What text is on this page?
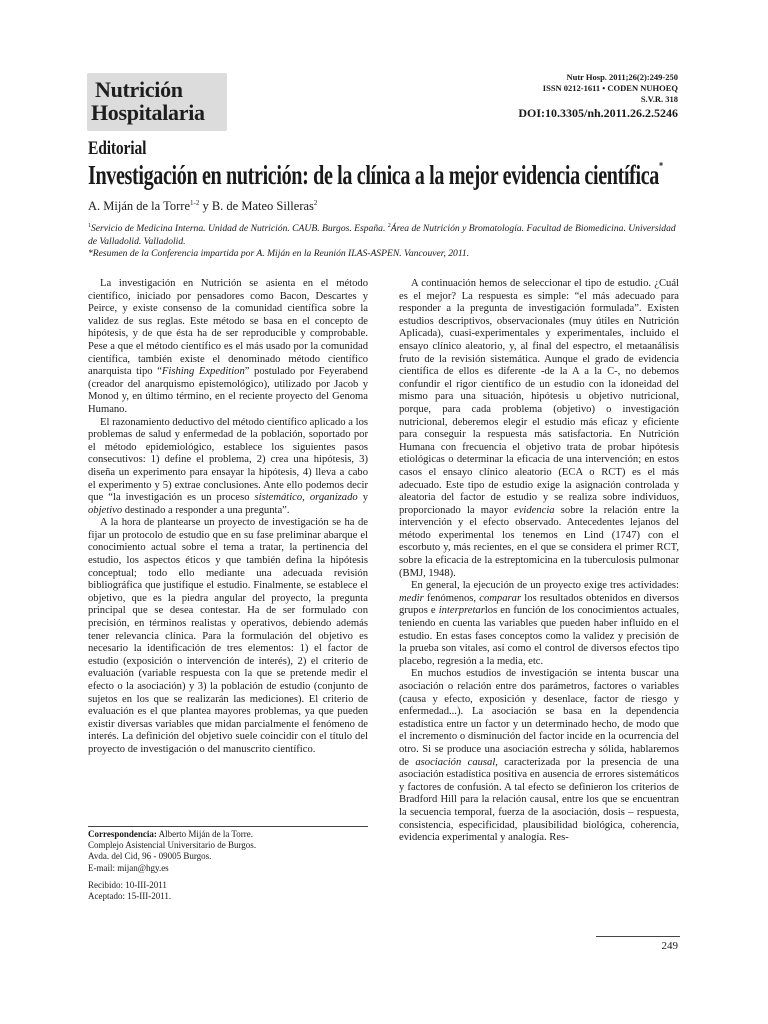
Nutrición
Hospitalaria
Nutr Hosp. 2011;26(2):249-250
ISSN 0212-1611 • CODEN NUHOEQ
S.V.R. 318
DOI:10.3305/nh.2011.26.2.5246
Editorial
Investigación en nutrición: de la clínica a la mejor evidencia científica*
A. Miján de la Torre$^{1-2}$ y B. de Mateo Silleras$^2$
$^1$Servicio de Medicina Interna. Unidad de Nutrición. CAUB. Burgos. España. $^2$Área de Nutrición y Bromatología. Facultad de Biomedicina. Universidad de Valladolid. Valladolid.
*Resumen de la Conferencia impartida por A. Miján en la Reunión ILAS-ASPEN. Vancouver, 2011.

La investigación en Nutrición se asienta en el método científico, iniciado por pensadores como Bacon, Descartes y Peirce, y existe consenso de la comunidad científica sobre la validez de sus reglas. Este método se basa en el concepto de hipótesis, y de que ésta ha de ser reproducible y comprobable. Pese a que el método científico es el más usado por la comunidad científica, también existe el denominado método científico anarquista tipo “Fishing Expedition” postulado por Feyerabend (creador del anarquismo epistemológico), utilizado por Jacob y Monod y, en último término, en el reciente proyecto del Genoma Humano.

El razonamiento deductivo del método científico aplicado a los problemas de salud y enfermedad de la población, soportado por el método epidemiológico, establece los siguientes pasos consecutivos: 1) define el problema, 2) crea una hipótesis, 3) diseña un experimento para ensayar la hipótesis, 4) lleva a cabo el experimento y 5) extrae conclusiones. Ante ello podemos decir que “la investigación es un proceso sistemático, organizado y objetivo destinado a responder a una pregunta”.

A la hora de plantearse un proyecto de investigación se ha de fijar un protocolo de estudio que en su fase preliminar abarque el conocimiento actual sobre el tema a tratar, la pertinencia del estudio, los aspectos éticos y que también defina la hipótesis conceptual; todo ello mediante una adecuada revisión bibliográfica que justifique el estudio. Finalmente, se establece el objetivo, que es la piedra angular del proyecto, la pregunta principal que se desea contestar. Ha de ser formulado con precisión, en términos realistas y operativos, debiendo además tener relevancia clínica. Para la formulación del objetivo es necesario la identificación de tres elementos: 1) el factor de estudio (exposición o intervención de interés), 2) el criterio de evaluación (variable respuesta con la que se pretende medir el efecto o la asociación) y 3) la población de estudio (conjunto de sujetos en los que se realizarán las mediciones). El criterio de evaluación es el que plantea mayores problemas, ya que pueden existir diversas variables que midan parcialmente el fenómeno de interés. La definición del objetivo suele coincidir con el título del proyecto de investigación o del manuscrito científico.

Correspondencia: Alberto Miján de la Torre.

Complejo Asistencial Universitario de Burgos.

Avda. del Cid, 96 - 09005 Burgos.

E-mail: mijan@hgy.es

Recibido: 10-III-2011

Aceptado: 15-III-2011.

A continuación hemos de seleccionar el tipo de estudio. ¿Cuál es el mejor? La respuesta es simple: “el más adecuado para responder a la pregunta de investigación formulada”. Existen estudios descriptivos, observacionales (muy útiles en Nutrición Aplicada), cuasi-experimentales y experimentales, incluido el ensayo clínico aleatorio, y, al final del espectro, el metaanálisis fruto de la revisión sistemática. Aunque el grado de evidencia científica de ellos es diferente -de la A a la C-, no debemos confundir el rigor científico de un estudio con la idoneidad del mismo para una situación, hipótesis u objetivo nutricional, porque, para cada problema (objetivo) o investigación nutricional, deberemos elegir el estudio más eficaz y eficiente para conseguir la respuesta más satisfactoria. En Nutrición Humana con frecuencia el objetivo trata de probar hipótesis etiológicas o determinar la eficacia de una intervención; en estos casos el ensayo clínico aleatorio (ECA o RCT) es el más adecuado. Este tipo de estudio exige la asignación controlada y aleatoria del factor de estudio y se realiza sobre individuos, proporcionado la mayor evidencia sobre la relación entre la intervención y el efecto observado. Antecedentes lejanos del método experimental los tenemos en Lind (1747) con el escorbuto y, más recientes, en el que se considera el primer RCT, sobre la eficacia de la estreptomicina en la tuberculosis pulmonar (BMJ, 1948).

En general, la ejecución de un proyecto exige tres actividades: medir fenómenos, comparar los resultados obtenidos en diversos grupos e interpretarlos en función de los conocimientos actuales, teniendo en cuenta las variables que pueden haber influido en el estudio. En estas fases conceptos como la validez y precisión de la prueba son vitales, así como el control de diversos efectos tipo placebo, regresión a la media, etc.

En muchos estudios de investigación se intenta buscar una asociación o relación entre dos parámetros, factores o variables (causa y efecto, exposición y desenlace, factor de riesgo y enfermedad...). La asociación se basa en la dependencia estadística entre un factor y un determinado hecho, de modo que el incremento o disminución del factor incide en la ocurrencia del otro. Si se produce una asociación estrecha y sólida, hablaremos de asociación causal, caracterizada por la presencia de una asociación estadística positiva en ausencia de errores sistemáticos y factores de confusión. A tal efecto se definieron los criterios de Bradford Hill para la relación causal, entre los que se encuentran la secuencia temporal, fuerza de la asociación, dosis – respuesta, consistencia, especificidad, plausibilidad biológica, coherencia, evidencia experimental y analogía. Res-

249
